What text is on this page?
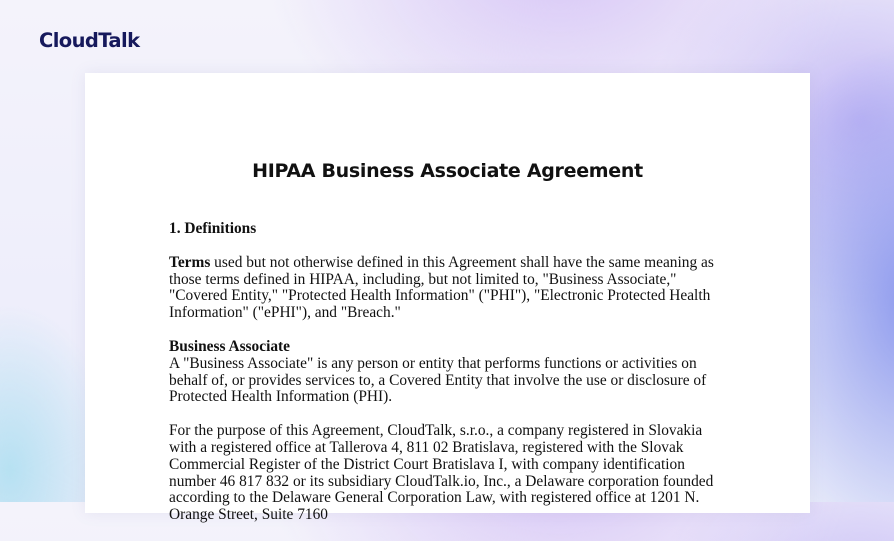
CloudTalk
HIPAA Business Associate Agreement
1. Definitions

Terms used but not otherwise defined in this Agreement shall have the same meaning as those terms defined in HIPAA, including, but not limited to, "Business Associate," "Covered Entity," "Protected Health Information" ("PHI"), "Electronic Protected Health Information" ("ePHI"), and "Breach."

Business Associate
A "Business Associate" is any person or entity that performs functions or activities on behalf of, or provides services to, a Covered Entity that involve the use or disclosure of Protected Health Information (PHI).

For the purpose of this Agreement, CloudTalk, s.r.o., a company registered in Slovakia with a registered office at Tallerova 4, 811 02 Bratislava, registered with the Slovak Commercial Register of the District Court Bratislava I, with company identification number 46 817 832 or its subsidiary CloudTalk.io, Inc., a Delaware corporation founded according to the Delaware General Corporation Law, with registered office at 1201 N. Orange Street, Suite 7160
